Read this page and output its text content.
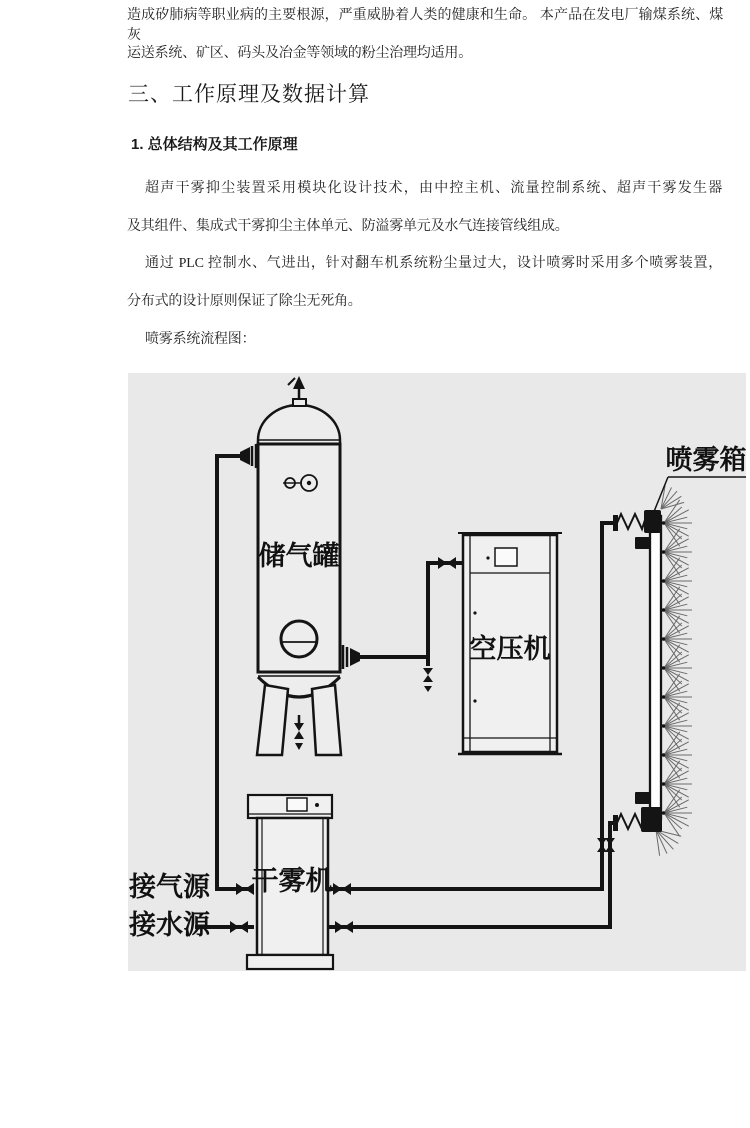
造成矽肺病等职业病的主要根源，严重威胁着人类的健康和生命。 本产品在发电厂输煤系统、煤灰
运送系统、矿区、码头及冶金等领域的粉尘治理均适用。
三、工作原理及数据计算
1. 总体结构及其工作原理
超声干雾抑尘装置采用模块化设计技术，由中控主机、流量控制系统、超声干雾发生器
及其组件、集成式干雾抑尘主体单元、防溢雾单元及水气连接管线组成。
通过 PLC 控制水、气进出，针对翻车机系统粉尘量过大，设计喷雾时采用多个喷雾装置，
分布式的设计原则保证了除尘无死角。
喷雾系统流程图：
储气罐
空压机
干雾机
接气源
接水源
喷雾箱
